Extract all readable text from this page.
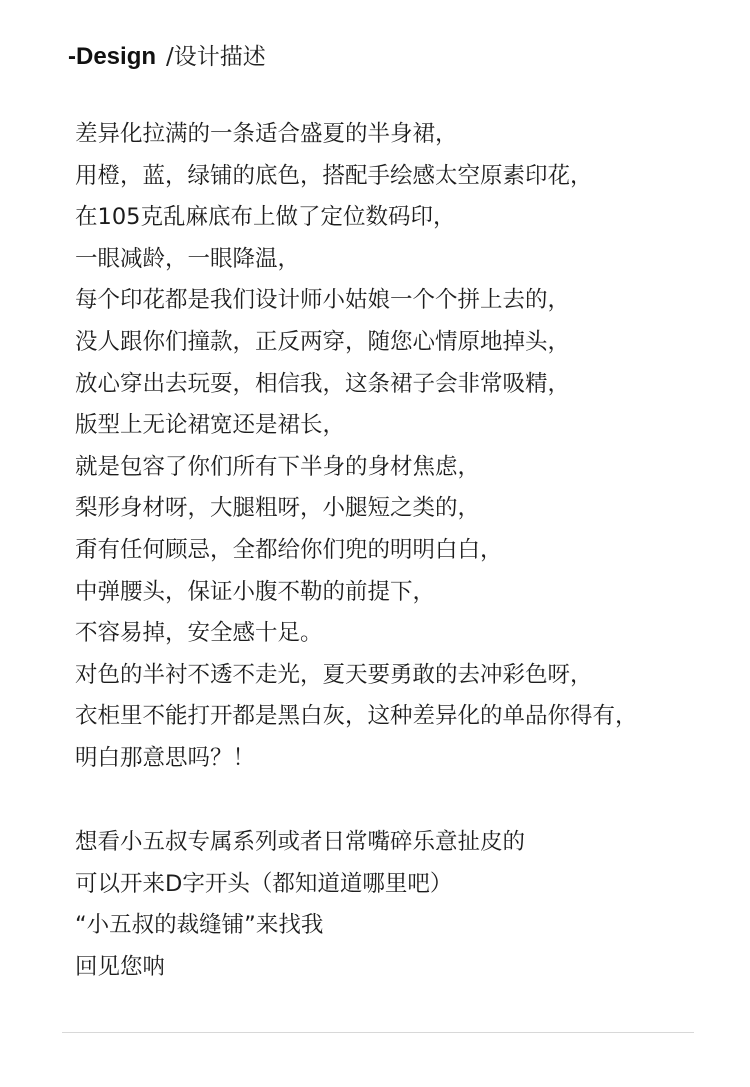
-Design /设计描述
差异化拉满的一条适合盛夏的半身裙，
用橙，蓝，绿铺的底色，搭配手绘感太空原素印花，
在105克乱麻底布上做了定位数码印，
一眼减龄，一眼降温，
每个印花都是我们设计师小姑娘一个个拼上去的，
没人跟你们撞款，正反两穿，随您心情原地掉头，
放心穿出去玩耍，相信我，这条裙子会非常吸精，
版型上无论裙宽还是裙长，
就是包容了你们所有下半身的身材焦虑，
梨形身材呀，大腿粗呀，小腿短之类的，
甭有任何顾忌，全都给你们兜的明明白白，
中弹腰头，保证小腹不勒的前提下，
不容易掉，安全感十足。
对色的半衬不透不走光，夏天要勇敢的去冲彩色呀，
衣柜里不能打开都是黑白灰，这种差异化的单品你得有，
明白那意思吗？！
想看小五叔专属系列或者日常嘴碎乐意扯皮的
可以开来D字开头（都知道道哪里吧）
“小五叔的裁缝铺”来找我
回见您呐
